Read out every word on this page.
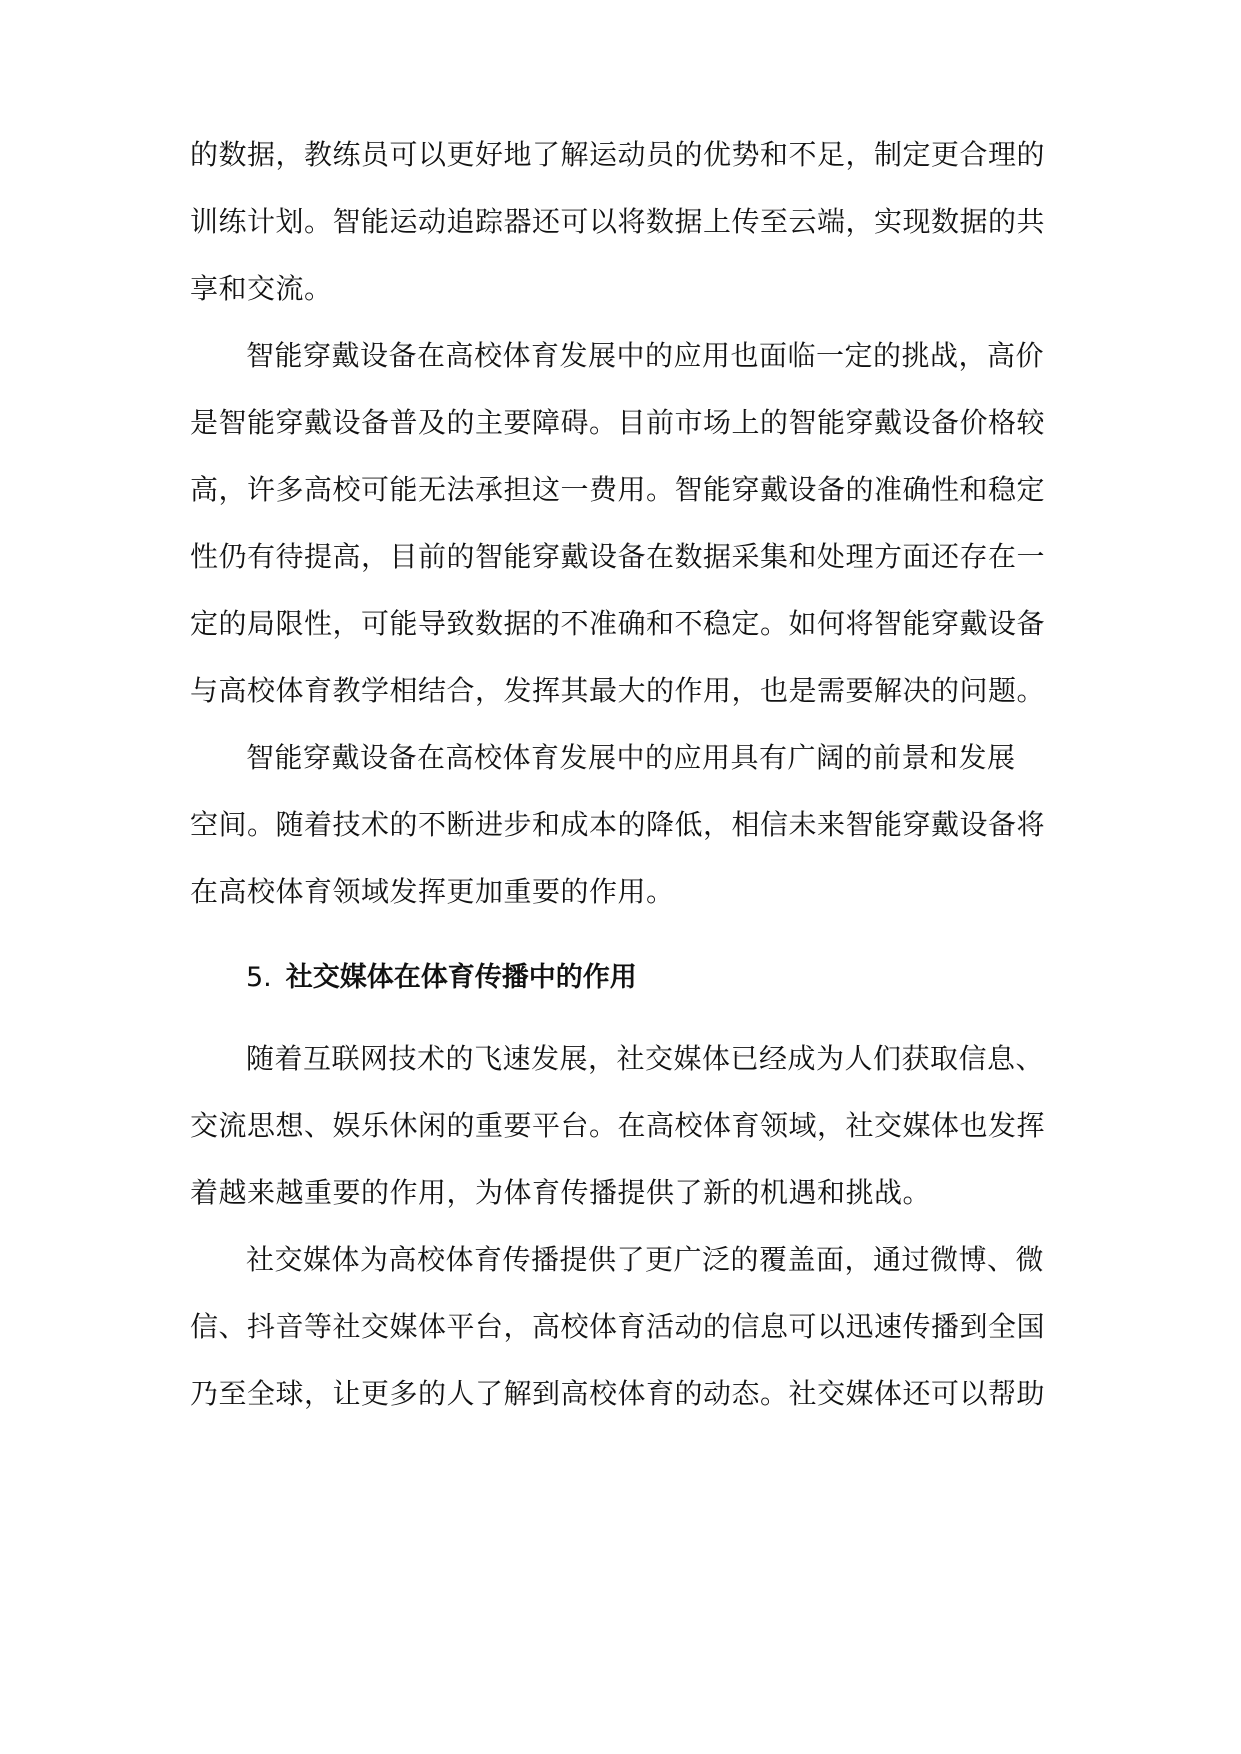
的数据，教练员可以更好地了解运动员的优势和不足，制定更合理的
训练计划。智能运动追踪器还可以将数据上传至云端，实现数据的共
享和交流。
智能穿戴设备在高校体育发展中的应用也面临一定的挑战，高价
是智能穿戴设备普及的主要障碍。目前市场上的智能穿戴设备价格较
高，许多高校可能无法承担这一费用。智能穿戴设备的准确性和稳定
性仍有待提高，目前的智能穿戴设备在数据采集和处理方面还存在一
定的局限性，可能导致数据的不准确和不稳定。如何将智能穿戴设备
与高校体育教学相结合，发挥其最大的作用，也是需要解决的问题。
智能穿戴设备在高校体育发展中的应用具有广阔的前景和发展
空间。随着技术的不断进步和成本的降低，相信未来智能穿戴设备将
在高校体育领域发挥更加重要的作用。
5. 社交媒体在体育传播中的作用
随着互联网技术的飞速发展，社交媒体已经成为人们获取信息、
交流思想、娱乐休闲的重要平台。在高校体育领域，社交媒体也发挥
着越来越重要的作用，为体育传播提供了新的机遇和挑战。
社交媒体为高校体育传播提供了更广泛的覆盖面，通过微博、微
信、抖音等社交媒体平台，高校体育活动的信息可以迅速传播到全国
乃至全球，让更多的人了解到高校体育的动态。社交媒体还可以帮助
